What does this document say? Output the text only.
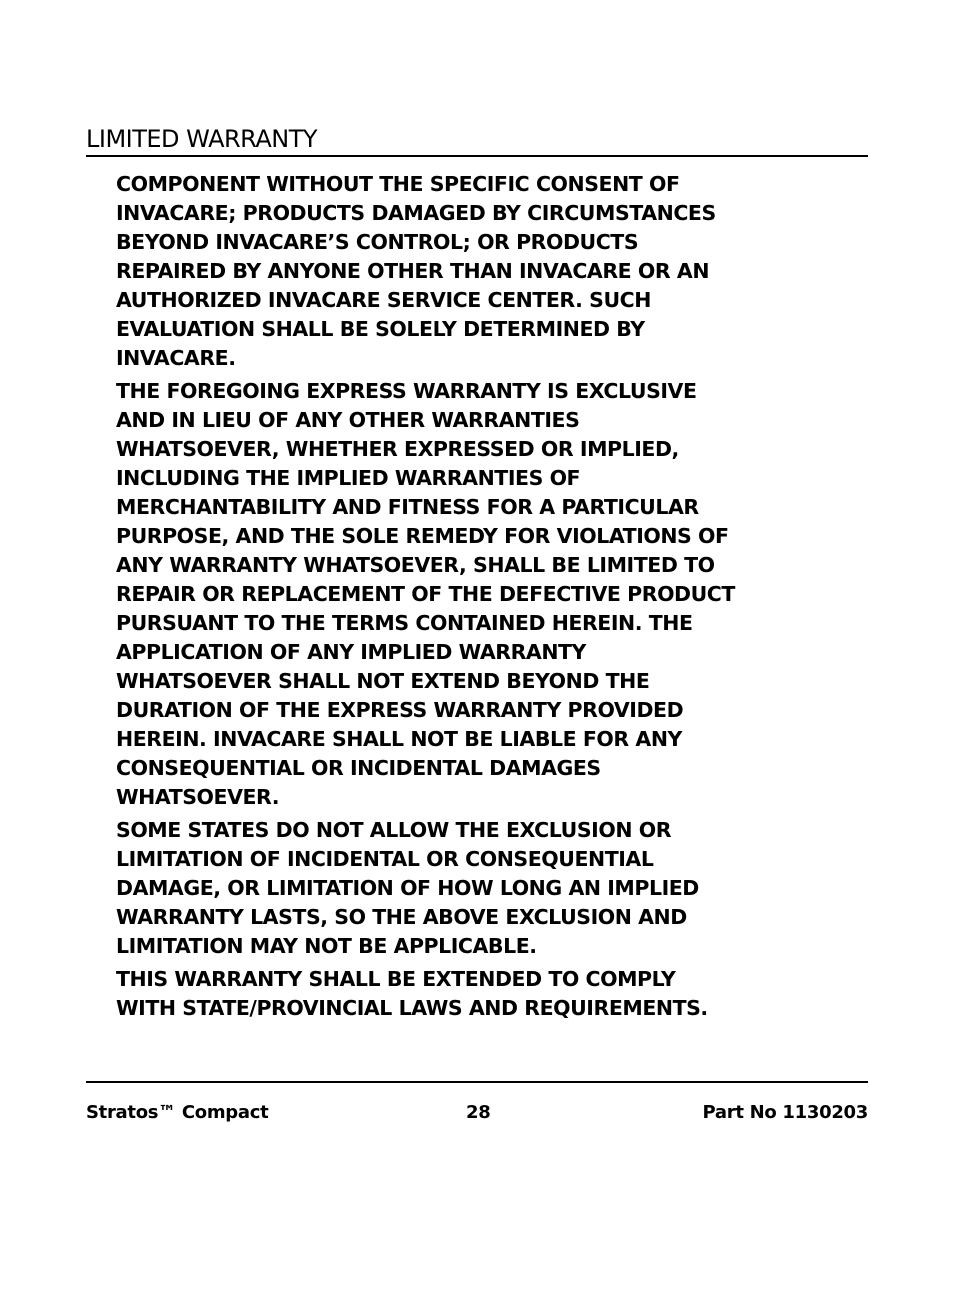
LIMITED WARRANTY

COMPONENT WITHOUT THE SPECIFIC CONSENT OF
INVACARE; PRODUCTS DAMAGED BY CIRCUMSTANCES
BEYOND INVACARE’S CONTROL; OR PRODUCTS
REPAIRED BY ANYONE OTHER THAN INVACARE OR AN
AUTHORIZED INVACARE SERVICE CENTER. SUCH
EVALUATION SHALL BE SOLELY DETERMINED BY
INVACARE.

THE FOREGOING EXPRESS WARRANTY IS EXCLUSIVE
AND IN LIEU OF ANY OTHER WARRANTIES
WHATSOEVER, WHETHER EXPRESSED OR IMPLIED,
INCLUDING THE IMPLIED WARRANTIES OF
MERCHANTABILITY AND FITNESS FOR A PARTICULAR
PURPOSE, AND THE SOLE REMEDY FOR VIOLATIONS OF
ANY WARRANTY WHATSOEVER, SHALL BE LIMITED TO
REPAIR OR REPLACEMENT OF THE DEFECTIVE PRODUCT
PURSUANT TO THE TERMS CONTAINED HEREIN. THE
APPLICATION OF ANY IMPLIED WARRANTY
WHATSOEVER SHALL NOT EXTEND BEYOND THE
DURATION OF THE EXPRESS WARRANTY PROVIDED
HEREIN. INVACARE SHALL NOT BE LIABLE FOR ANY
CONSEQUENTIAL OR INCIDENTAL DAMAGES
WHATSOEVER.

SOME STATES DO NOT ALLOW THE EXCLUSION OR
LIMITATION OF INCIDENTAL OR CONSEQUENTIAL
DAMAGE, OR LIMITATION OF HOW LONG AN IMPLIED
WARRANTY LASTS, SO THE ABOVE EXCLUSION AND
LIMITATION MAY NOT BE APPLICABLE.

THIS WARRANTY SHALL BE EXTENDED TO COMPLY
WITH STATE/PROVINCIAL LAWS AND REQUIREMENTS.

Stratos™ Compact	28	Part No 1130203
